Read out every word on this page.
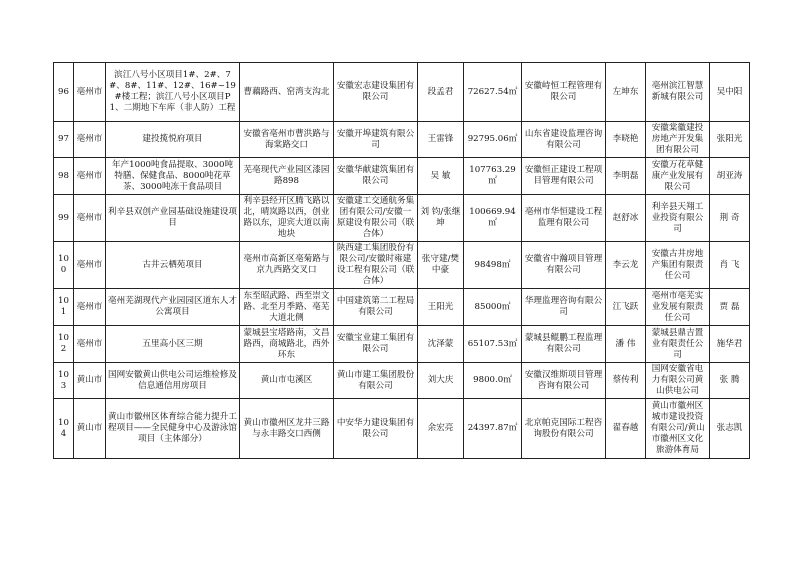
96	亳州市	滨江八号小区项目1#、2#、7#、8#、11#、12#、16#~19#楼工程；滨江八号小区项目P1、二期地下车库（非人防）工程	曹藕路西、窑湾支沟北	安徽宏志建设集团有限公司	段孟君	72627.54㎡	安徽峙恒工程管理有限公司	左坤东	亳州滨江智慧新城有限公司	吴中阳
97	亳州市	建投揽悦府项目	安徽省亳州市曹洪路与海棠路交口	安徽开埠建筑有限公司	王雷锋	92795.06㎡	山东省建设监理咨询有限公司	李晓艳	安徽棠徽建投房地产开发集团有限公司	张阳光
98	亳州市	年产1000吨食品提取、3000吨特膳、保健食品、8000吨花草茶、3000吨冻干食品项目	芜亳现代产业园区漆园路898	安徽华献建筑集团有限公司	吴 敏	107763.29㎡	安徽恒正建设工程项目管理有限公司	李明磊	安徽万花草健康产业发展有限公司	胡亚涛
99	亳州市	利辛县双创产业园基础设施建设项目	利辛县经开区腾飞路以北，晴岚路以西，创业路以东，迎宾大道以南 地块	安徽建工交通航务集团有限公司/安徽一原建设有限公司（联合体）	刘 钧/张继坤	100669.94㎡	亳州市华恒建设工程监理有限公司	赵舒冰	利辛县天翔工业投资有限公司	荆 奇
100	亳州市	古井云栖苑项目	亳州市高新区亳菊路与京九西路交叉口	陕西建工集团股份有限公司/安徽时雍建设工程有限公司（联合体）	张守建/樊中豪	98498㎡	安徽省中瀚项目管理有限公司	李云龙	安徽古井房地产集团有限责任公司	肖 飞
101	亳州市	亳州芜湖现代产业园园区道东人才公寓项目	东至昭武路、西至崇文路、北至月季路、亳芜大道北侧	中国建筑第二工程局有限公司	王阳光	85000㎡	华理监理咨询有限公司	江飞跃	亳州市亳芜实业发展有限责任公司	贾 磊
102	亳州市	五里高小区三期	蒙城县宝塔路南，文昌路西，商城路北，西外环东	安徽宝业建工集团有限公司	沈泽蒙	65107.53㎡	蒙城县鲲鹏工程监理有限公司	潘 伟	蒙城县鼎吉置业有限责任公司	施华君
103	黄山市	国网安徽黄山供电公司运维检修及信息通信用房项目	黄山市屯溪区	黄山市建工集团股份有限公司	刘大庆	9800.0㎡	安徽汉维斯项目管理咨询有限公司	蔡传利	国网安徽省电力有限公司黄山供电公司	张 腾
104	黄山市	黄山市徽州区体育综合能力提升工程项目——全民健身中心及游泳馆项目（主体部分）	黄山市徽州区龙井三路与永丰路交口西侧	中安华力建设集团有限公司	余宏亮	24397.87㎡	北京帕克国际工程咨询股份有限公司	翟春越	黄山市徽州区城市建设投资有限公司/黄山市徽州区文化旅游体育局	张志凯
